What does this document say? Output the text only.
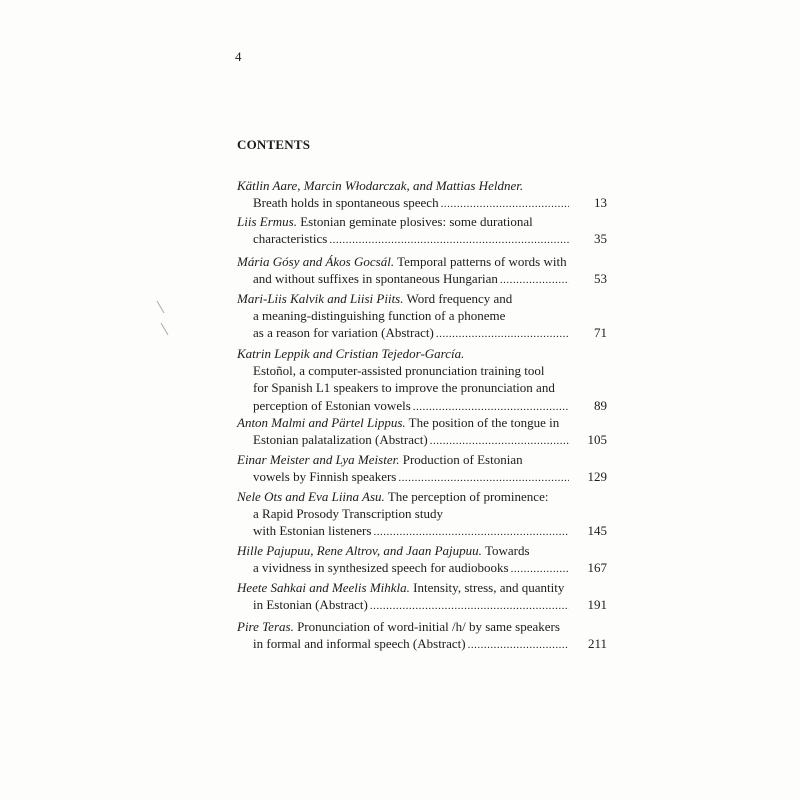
4
CONTENTS
Kätlin Aare, Marcin Włodarczak, and Mattias Heldner.
Breath holds in spontaneous speech .....	13
Liis Ermus. Estonian geminate plosives: some durational
characteristics .....	35
Mária Gósy and Ákos Gocsál. Temporal patterns of words with
and without suffixes in spontaneous Hungarian .....	53
Mari-Liis Kalvik and Liisi Piits. Word frequency and
a meaning-distinguishing function of a phoneme
as a reason for variation (Abstract) .....	71
Katrin Leppik and Cristian Tejedor-García.
Estoñol, a computer-assisted pronunciation training tool
for Spanish L1 speakers to improve the pronunciation and
perception of Estonian vowels .....	89
Anton Malmi and Pärtel Lippus. The position of the tongue in
Estonian palatalization (Abstract) .....	105
Einar Meister and Lya Meister. Production of Estonian
vowels by Finnish speakers .....	129
Nele Ots and Eva Liina Asu. The perception of prominence:
a Rapid Prosody Transcription study
with Estonian listeners .....	145
Hille Pajupuu, Rene Altrov, and Jaan Pajupuu. Towards
a vividness in synthesized speech for audiobooks .....	167
Heete Sahkai and Meelis Mihkla. Intensity, stress, and quantity
in Estonian (Abstract) .....	191
Pire Teras. Pronunciation of word-initial /h/ by same speakers
in formal and informal speech (Abstract) .....	211
